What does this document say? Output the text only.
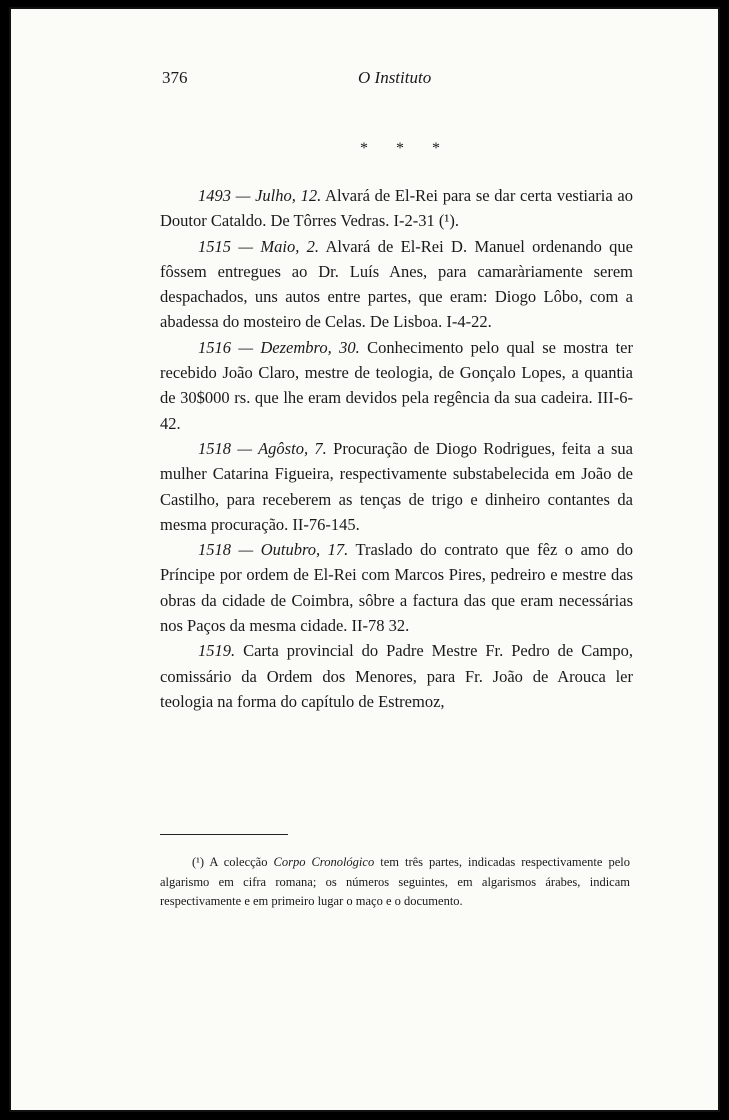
376	O Instituto
* * *

1493 — Julho, 12. Alvará de El-Rei para se dar certa vestiaria ao Doutor Cataldo. De Tôrres Vedras. I-2-31 (¹).

1515 — Maio, 2. Alvará de El-Rei D. Manuel ordenando que fôssem entregues ao Dr. Luís Anes, para camaràriamente serem despachados, uns autos entre partes, que eram: Diogo Lôbo, com a abadessa do mosteiro de Celas. De Lisboa. I-4-22.

1516 — Dezembro, 30. Conhecimento pelo qual se mostra ter recebido João Claro, mestre de teologia, de Gonçalo Lopes, a quantia de 30$000 rs. que lhe eram devidos pela regência da sua cadeira. III-6-42.

1518 — Agôsto, 7. Procuração de Diogo Rodrigues, feita a sua mulher Catarina Figueira, respectivamente substabelecida em João de Castilho, para receberem as tenças de trigo e dinheiro contantes da mesma procuração. II-76-145.

1518 — Outubro, 17. Traslado do contrato que fêz o amo do Príncipe por ordem de El-Rei com Marcos Pires, pedreiro e mestre das obras da cidade de Coimbra, sôbre a factura das que eram necessárias nos Paços da mesma cidade. II-78 32.

1519. Carta provincial do Padre Mestre Fr. Pedro de Campo, comissário da Ordem dos Menores, para Fr. João de Arouca ler teologia na forma do capítulo de Estremoz,

(¹) A colecção Corpo Cronológico tem três partes, indicadas respectivamente pelo algarismo em cifra romana; os números seguintes, em algarismos árabes, indicam respectivamente e em primeiro lugar o maço e o documento.
